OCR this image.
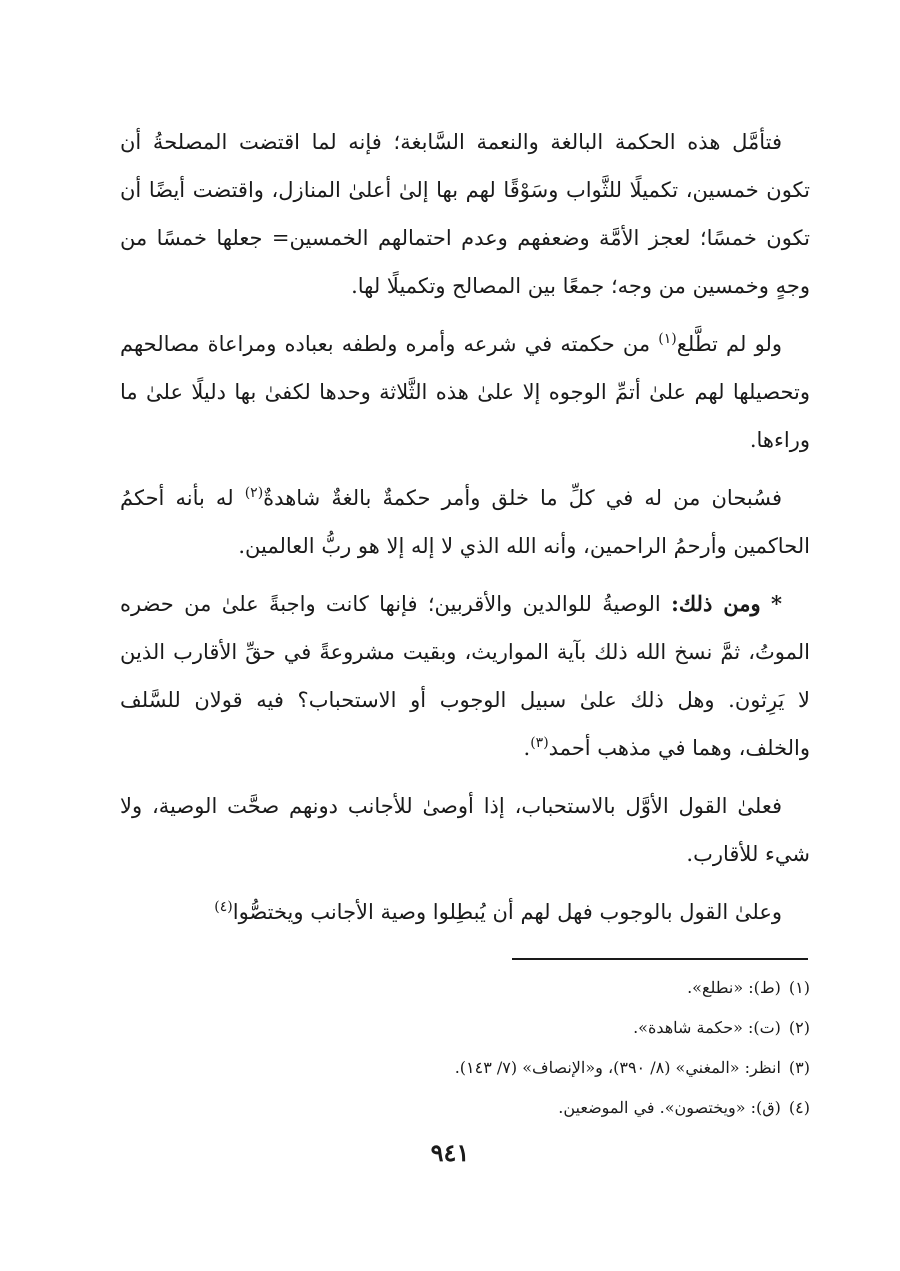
فتأمَّل هذه الحكمة البالغة والنعمة السَّابغة؛ فإنه لما اقتضت المصلحةُ أن تكون خمسين، تكميلًا للثَّواب وسَوْقًا لهم بها إلىٰ أعلىٰ المنازل، واقتضت أيضًا أن تكون خمسًا؛ لعجز الأمَّة وضعفهم وعدم احتمالهم الخمسين= جعلها خمسًا من وجهٍ وخمسين من وجه؛ جمعًا بين المصالح وتكميلًا لها.

ولو لم تطَّلع$^{(١)}$ من حكمته في شرعه وأمره ولطفه بعباده ومراعاة مصالحهم وتحصيلها لهم علىٰ أتمِّ الوجوه إلا علىٰ هذه الثَّلاثة وحدها لكفىٰ بها دليلًا علىٰ ما وراءها.

فسُبحان من له في كلِّ ما خلق وأمر حكمةٌ بالغةٌ شاهدةٌ$^{(٢)}$ له بأنه أحكمُ الحاكمين وأرحمُ الراحمين، وأنه الله الذي لا إله إلا هو ربُّ العالمين.

* ومن ذلك: الوصيةُ للوالدين والأقربين؛ فإنها كانت واجبةً علىٰ من حضره الموتُ، ثمَّ نسخ الله ذلك بآية المواريث، وبقيت مشروعةً في حقِّ الأقارب الذين لا يَرِثون. وهل ذلك علىٰ سبيل الوجوب أو الاستحباب؟ فيه قولان للسَّلف والخلف، وهما في مذهب أحمد$^{(٣)}$.

فعلىٰ القول الأوَّل بالاستحباب، إذا أوصىٰ للأجانب دونهم صحَّت الوصية، ولا شيء للأقارب.

وعلىٰ القول بالوجوب فهل لهم أن يُبطِلوا وصية الأجانب ويختصُّوا$^{(٤)}$

(١)(ط): «نطلع».
(٢)(ت): «حكمة شاهدة».
(٣)انظر: «المغني» (٨/ ٣٩٠)، و«الإنصاف» (٧/ ١٤٣).
(٤)(ق): «ويختصون». في الموضعين.
٩٤١
